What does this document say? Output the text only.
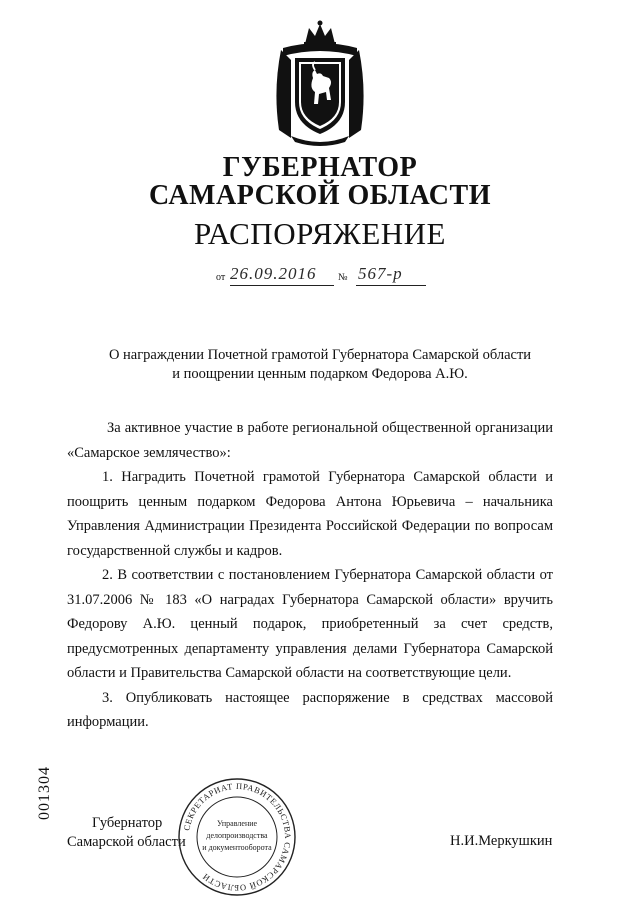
ГУБЕРНАТОР
САМАРСКОЙ ОБЛАСТИ
РАСПОРЯЖЕНИЕ
от 26.09.2016 № 567-р
О награждении Почетной грамотой Губернатора Самарской области
и поощрении ценным подарком Федорова А.Ю.

За активное участие в работе региональной общественной организации «Самарское землячество»:

1. Наградить Почетной грамотой Губернатора Самарской области и поощрить ценным подарком Федорова Антона Юрьевича – начальника Управления Администрации Президента Российской Федерации по вопросам государственной службы и кадров.

2. В соответствии с постановлением Губернатора Самарской области от 31.07.2006 № 183 «О наградах Губернатора Самарской области» вручить Федорову А.Ю. ценный подарок, приобретенный за счет средств, предусмотренных департаменту управления делами Губернатора Самарской области и Правительства Самарской области на соответствующие цели.

3. Опубликовать настоящее распоряжение в средствах массовой информации.

Губернатор
Самарской области	Н.И.Меркушкин
СЕКРЕТАРИАТ ПРАВИТЕЛЬСТВА САМАРСКОЙ ОБЛАСТИ
Управление
делопроизводства
и документооборота
001304
